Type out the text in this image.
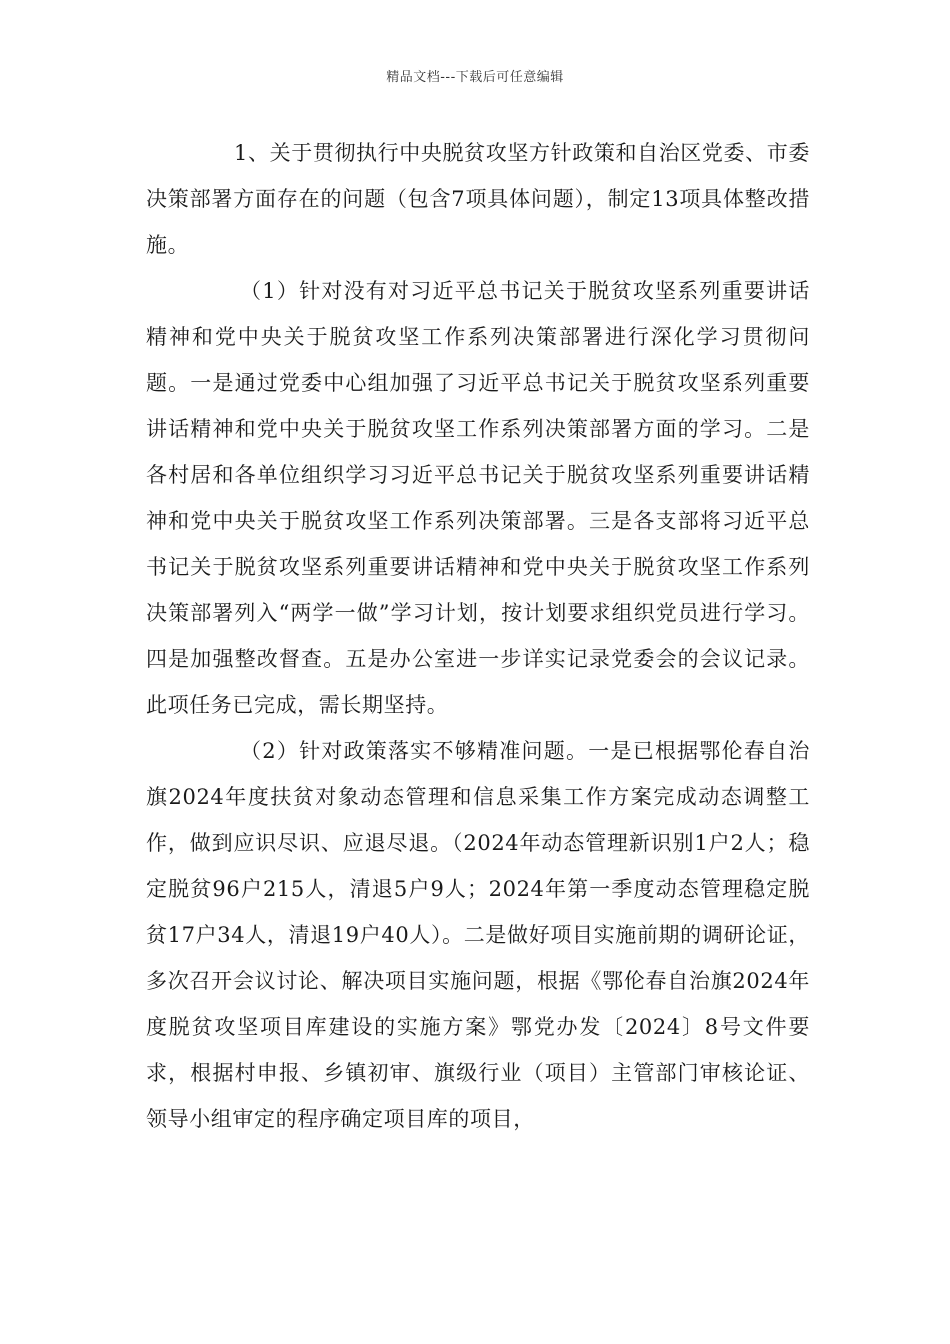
精品文档---下载后可任意编辑

1、关于贯彻执行中央脱贫攻坚方针政策和自治区党委、市委决策部署方面存在的问题（包含7项具体问题），制定13项具体整改措施。

（1）针对没有对习近平总书记关于脱贫攻坚系列重要讲话精神和党中央关于脱贫攻坚工作系列决策部署进行深化学习贯彻问题。一是通过党委中心组加强了习近平总书记关于脱贫攻坚系列重要讲话精神和党中央关于脱贫攻坚工作系列决策部署方面的学习。二是各村居和各单位组织学习习近平总书记关于脱贫攻坚系列重要讲话精神和党中央关于脱贫攻坚工作系列决策部署。三是各支部将习近平总书记关于脱贫攻坚系列重要讲话精神和党中央关于脱贫攻坚工作系列决策部署列入“两学一做”学习计划，按计划要求组织党员进行学习。四是加强整改督查。五是办公室进一步详实记录党委会的会议记录。此项任务已完成，需长期坚持。

（2）针对政策落实不够精准问题。一是已根据鄂伦春自治旗2024年度扶贫对象动态管理和信息采集工作方案完成动态调整工作，做到应识尽识、应退尽退。（2024年动态管理新识别1户2人；稳定脱贫96户215人，清退5户9人；2024年第一季度动态管理稳定脱贫17户34人，清退19户40人）。二是做好项目实施前期的调研论证，多次召开会议讨论、解决项目实施问题，根据《鄂伦春自治旗2024年度脱贫攻坚项目库建设的实施方案》鄂党办发〔2024〕8号文件要求，根据村申报、乡镇初审、旗级行业（项目）主管部门审核论证、领导小组审定的程序确定项目库的项目，
